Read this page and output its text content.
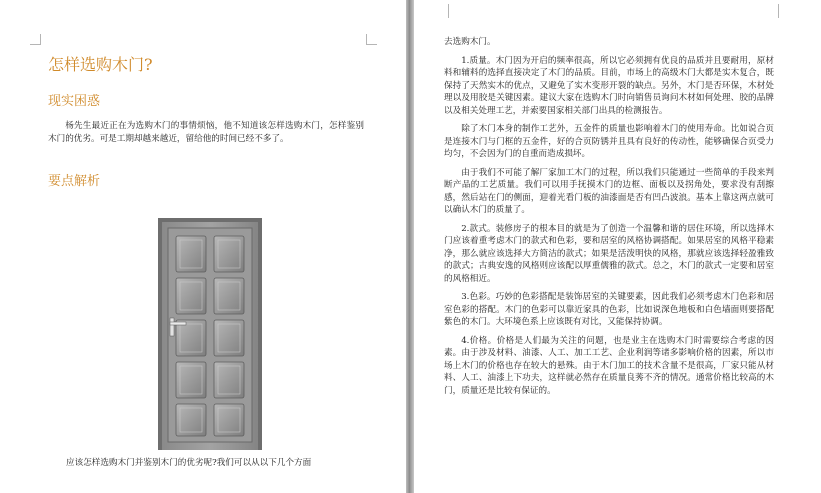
怎样选购木门?
现实困惑

杨先生最近正在为选购木门的事情烦恼，他不知道该怎样选购木门，怎样鉴别木门的优劣。可是工期却越来越近，留给他的时间已经不多了。

要点解析

应该怎样选购木门并鉴别木门的优劣呢?我们可以从以下几个方面

去选购木门。

1.质量。木门因为开启的频率很高，所以它必须拥有优良的品质并且要耐用，原材料和辅料的选择直接决定了木门的品质。目前，市场上的高级木门大都是实木复合，既保持了天然实木的优点，又避免了实木变形开裂的缺点。另外，木门是否环保，木材处理以及用胶是关键因素。建议大家在选购木门时向销售员询问木材如何处理、胶的品牌以及相关处理工艺，并索要国家相关部门出具的检测报告。

除了木门本身的制作工艺外，五金件的质量也影响着木门的使用寿命。比如说合页是连接木门与门框的五金件，好的合页防锈并且具有良好的传动性，能够确保合页受力均匀，不会因为门的自重而造成损坏。

由于我们不可能了解厂家加工木门的过程，所以我们只能通过一些简单的手段来判断产品的工艺质量。我们可以用手抚摸木门的边框、面板以及拐角处，要求没有刮擦感，然后站在门的侧面，迎着光看门板的油漆面是否有凹凸波浪。基本上靠这两点就可以确认木门的质量了。

2.款式。装修房子的根本目的就是为了创造一个温馨和谐的居住环境，所以选择木门应该着重考虑木门的款式和色彩，要和居室的风格协调搭配。如果居室的风格平稳素净，那么就应该选择大方简洁的款式；如果是活泼明快的风格，那就应该选择轻盈雅致的款式；古典安逸的风格则应该配以厚重儒雅的款式。总之，木门的款式一定要和居室的风格相近。

3.色彩。巧妙的色彩搭配是装饰居室的关键要素，因此我们必须考虑木门色彩和居室色彩的搭配。木门的色彩可以靠近家具的色彩，比如说深色地板和白色墙面则要搭配紫色的木门。大环境色系上应该既有对比，又能保持协调。

4.价格。价格是人们最为关注的问题，也是业主在选购木门时需要综合考虑的因素。由于涉及材料、油漆、人工、加工工艺、企业利润等诸多影响价格的因素，所以市场上木门的价格也存在较大的悬殊。由于木门加工的技术含量不是很高，厂家只能从材料、人工、油漆上下功夫，这样就必然存在质量良莠不齐的情况。通常价格比较高的木门，质量还是比较有保证的。
